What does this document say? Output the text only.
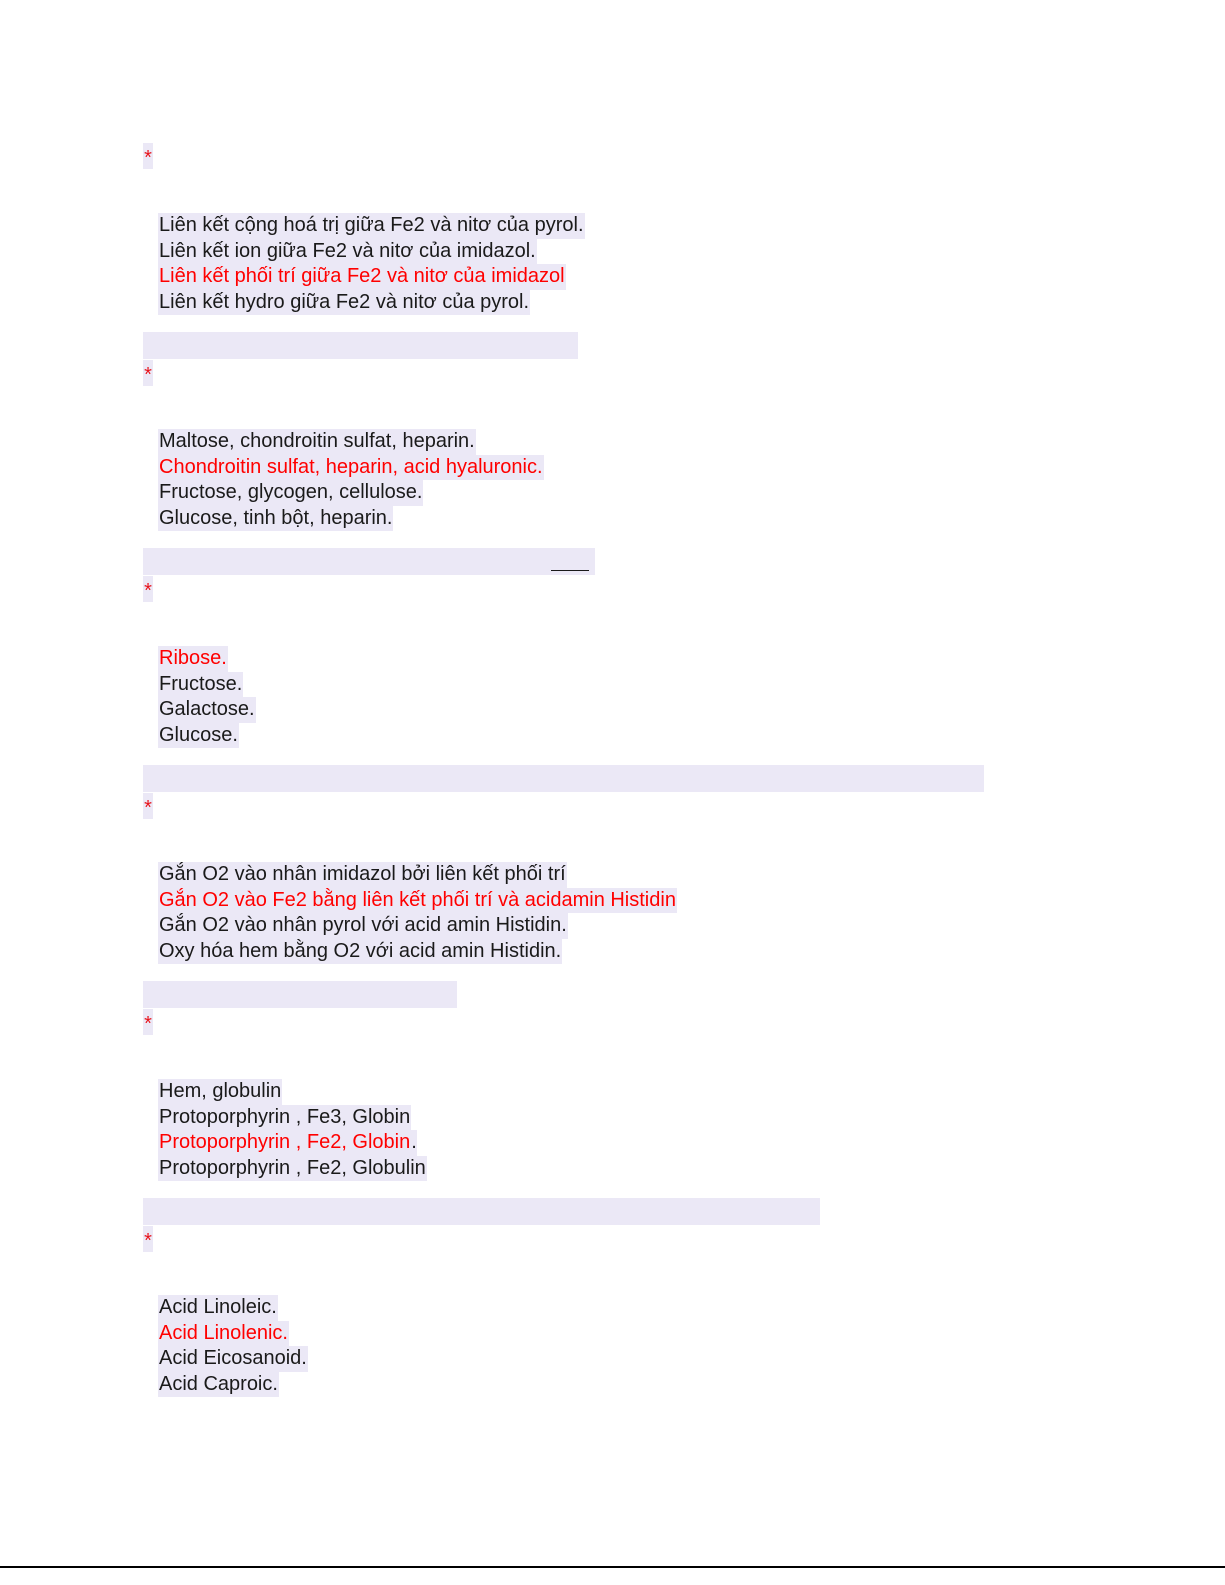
*
Liên kết cộng hoá trị giữa Fe2 và nitơ của pyrol.
Liên kết ion giữa Fe2 và nitơ của imidazol.
Liên kết phối trí giữa Fe2 và nitơ của imidazol
Liên kết hydro giữa Fe2 và nitơ của pyrol.
*
Maltose, chondroitin sulfat, heparin.
Chondroitin sulfat, heparin, acid hyaluronic.
Fructose, glycogen, cellulose.
Glucose, tinh bột, heparin.
*
Ribose.
Fructose.
Galactose.
Glucose.
*
Gắn O2 vào nhân imidazol bởi liên kết phối trí
Gắn O2 vào Fe2 bằng liên kết phối trí và acidamin Histidin
Gắn O2 vào nhân pyrol với acid amin Histidin.
Oxy hóa hem bằng O2 với acid amin Histidin.
*
Hem, globulin
Protoporphyrin , Fe3, Globin
Protoporphyrin , Fe2, Globin.
Protoporphyrin , Fe2, Globulin
*
Acid Linoleic.
Acid Linolenic.
Acid Eicosanoid.
Acid Caproic.
